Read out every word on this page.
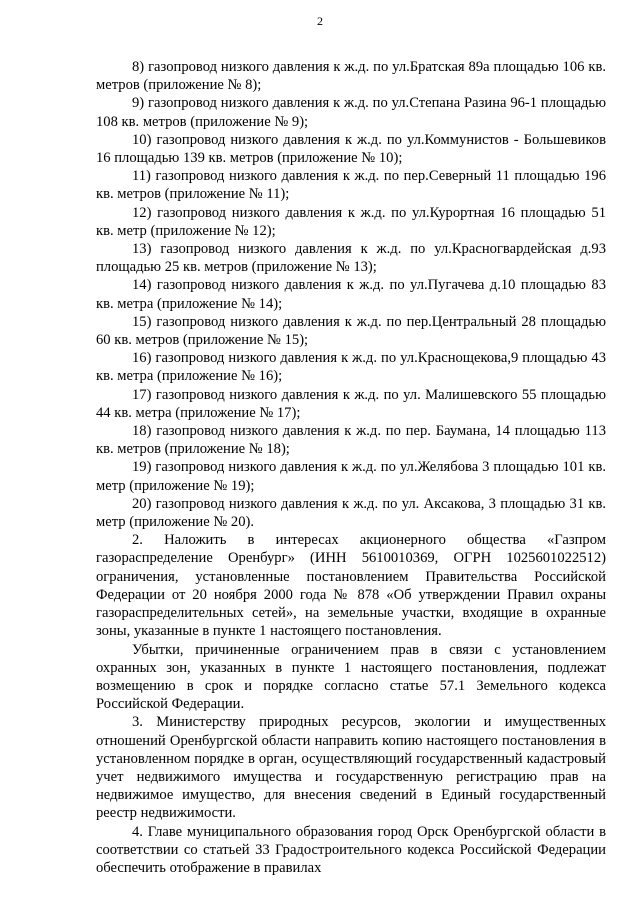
2

8) газопровод низкого давления к ж.д. по ул.Братская 89а площадью 106 кв. метров (приложение № 8);

9) газопровод низкого давления к ж.д. по ул.Степана Разина 96-1 площадью 108 кв. метров (приложение № 9);

10) газопровод низкого давления к ж.д. по ул.Коммунистов - Большевиков 16 площадью 139 кв. метров (приложение № 10);

11) газопровод низкого давления к ж.д. по пер.Северный 11 площадью 196 кв. метров (приложение № 11);

12) газопровод низкого давления к ж.д. по ул.Курортная 16 площадью 51 кв. метр (приложение № 12);

13) газопровод низкого давления к ж.д. по ул.Красногвардейская д.93 площадью 25 кв. метров (приложение № 13);

14) газопровод низкого давления к ж.д. по ул.Пугачева д.10 площадью 83 кв. метра (приложение № 14);

15) газопровод низкого давления к ж.д. по пер.Центральный 28 площадью 60 кв. метров (приложение № 15);

16) газопровод низкого давления к ж.д. по ул.Краснощекова,9 площадью 43 кв. метра (приложение № 16);

17) газопровод низкого давления к ж.д. по ул. Малишевского 55 площадью 44 кв. метра (приложение № 17);

18) газопровод низкого давления к ж.д. по пер. Баумана, 14 площадью 113 кв. метров (приложение № 18);

19) газопровод низкого давления к ж.д. по ул.Желябова 3 площадью 101 кв. метр (приложение № 19);

20) газопровод низкого давления к ж.д. по ул. Аксакова, 3 площадью 31 кв. метр (приложение № 20).

2. Наложить в интересах акционерного общества «Газпром газораспределение Оренбург» (ИНН 5610010369, ОГРН 1025601022512) ограничения, установленные постановлением Правительства Российской Федерации от 20 ноября 2000 года № 878 «Об утверждении Правил охраны газораспределительных сетей», на земельные участки, входящие в охранные зоны, указанные в пункте 1 настоящего постановления.

Убытки, причиненные ограничением прав в связи с установлением охранных зон, указанных в пункте 1 настоящего постановления, подлежат возмещению в срок и порядке согласно статье 57.1 Земельного кодекса Российской Федерации.

3. Министерству природных ресурсов, экологии и имущественных отношений Оренбургской области направить копию настоящего постановления в установленном порядке в орган, осуществляющий государственный кадастровый учет недвижимого имущества и государственную регистрацию прав на недвижимое имущество, для внесения сведений в Единый государственный реестр недвижимости.

4. Главе муниципального образования город Орск Оренбургской области в соответствии со статьей 33 Градостроительного кодекса Российской Федерации обеспечить отображение в правилах
